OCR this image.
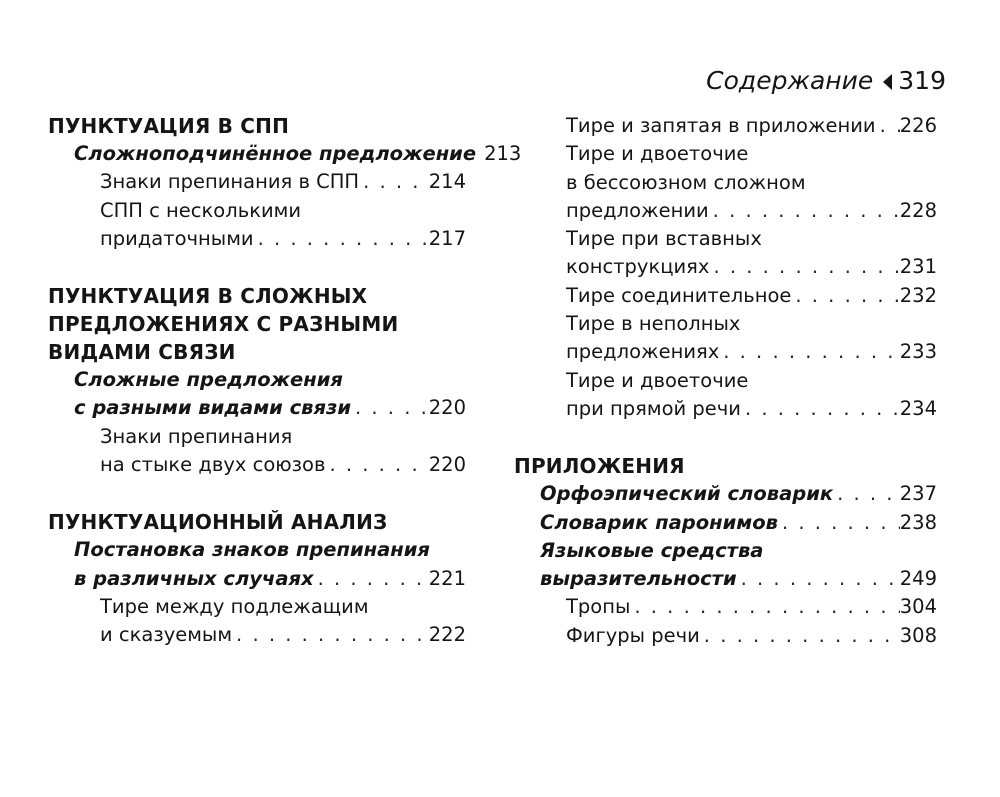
Содержание 319
ПУНКТУАЦИЯ В СПП
Сложноподчинённое предложение 213
Знаки препинания в СПП . . .	214
СПП с несколькими
придаточными . . .	217
ПУНКТУАЦИЯ В СЛОЖНЫХ
ПРЕДЛОЖЕНИЯХ С РАЗНЫМИ
ВИДАМИ СВЯЗИ
Сложные предложения
с разными видами связи . . .	220
Знаки препинания
на стыке двух союзов . . .	220
ПУНКТУАЦИОННЫЙ АНАЛИЗ
Постановка знаков препинания
в различных случаях . . .	221
Тире между подлежащим
и сказуемым . . .	222
Тире и запятая в приложении . . . 226
Тире и двоеточие
в бессоюзном сложном
предложении . . .	228
Тире при вставных
конструкциях . . .	231
Тире соединительное . . .	232
Тире в неполных
предложениях . . .	233
Тире и двоеточие
при прямой речи . . .	234
ПРИЛОЖЕНИЯ
Орфоэпический словарик . . .	237
Словарик паронимов . . .	238
Языковые средства
выразительности . . .	249
Тропы . . .	304
Фигуры речи . . .	308
